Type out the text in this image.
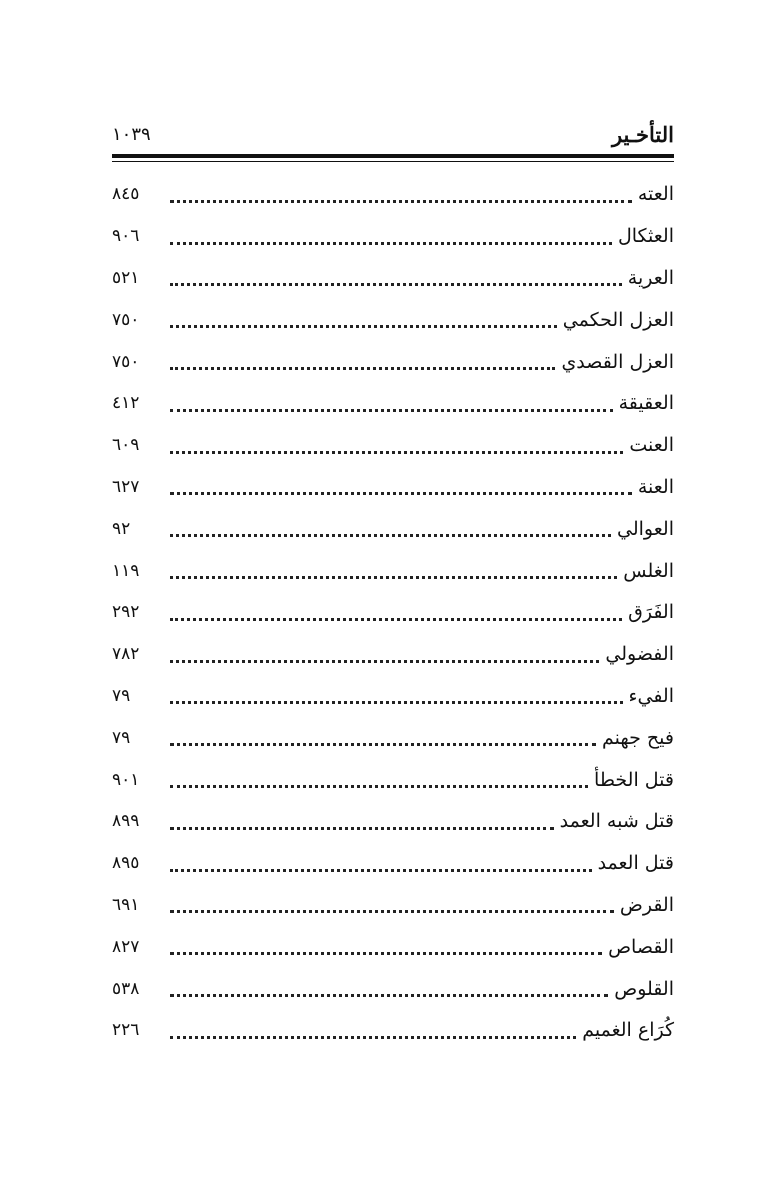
التأخـير
١٠٣٩
العته
٨٤٥
العثكال
٩٠٦
العرية
٥٢١
العزل الحكمي
٧٥٠
العزل القصدي
٧٥٠
العقيقة
٤١٢
العنت
٦٠٩
العنة
٦٢٧
العوالي
٩٢
الغلس
١١٩
الفَرَق
٢٩٢
الفضولي
٧٨٢
الفيء
٧٩
فيح جهنم
٧٩
قتل الخطأ
٩٠١
قتل شبه العمد
٨٩٩
قتل العمد
٨٩٥
القرض
٦٩١
القصاص
٨٢٧
القلوص
٥٣٨
كُرَاع الغميم
٢٢٦
